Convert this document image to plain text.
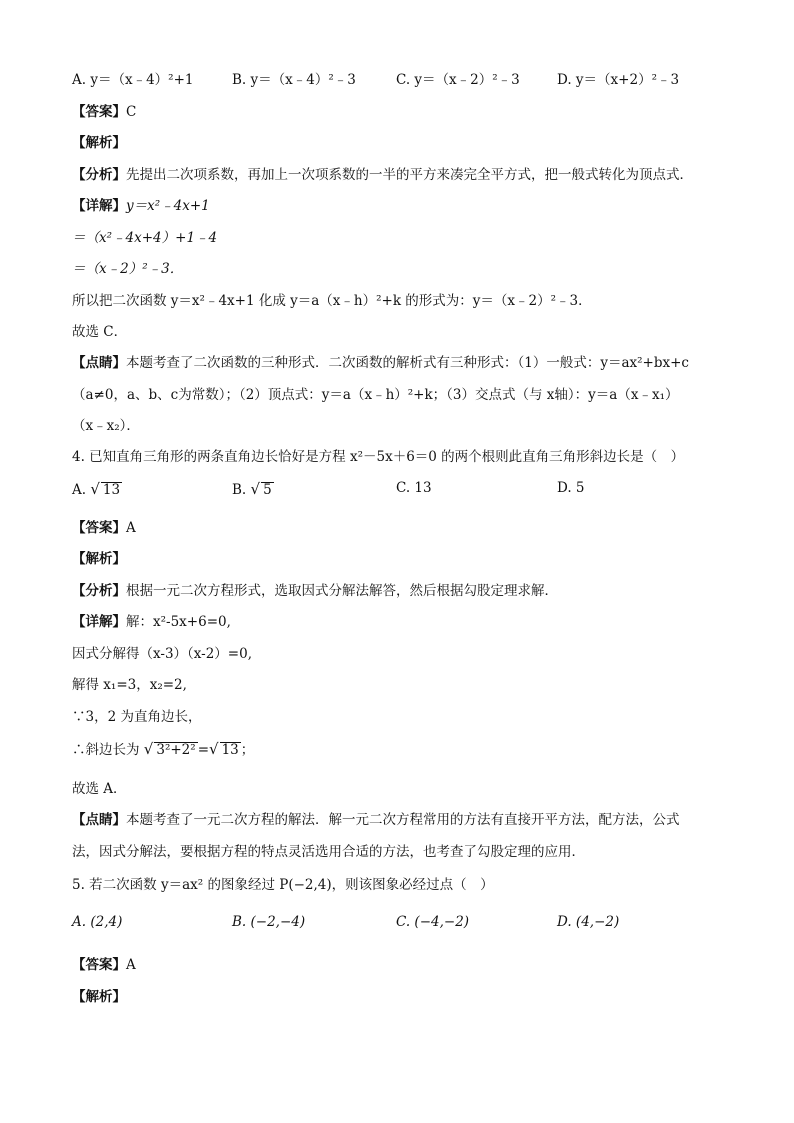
A. y＝（x﹣4）²+1	B. y＝（x﹣4）²﹣3	C. y＝（x﹣2）²﹣3	D. y＝（x+2）²﹣3
【答案】C
【解析】
【分析】先提出二次项系数，再加上一次项系数的一半的平方来凑完全平方式，把一般式转化为顶点式．
【详解】y＝x²﹣4x+1
＝（x²﹣4x+4）+1﹣4
＝（x﹣2）²﹣3．
所以把二次函数 y＝x²﹣4x+1 化成 y＝a（x﹣h）²+k 的形式为：y＝（x﹣2）²﹣3．
故选 C．
【点睛】本题考查了二次函数的三种形式．二次函数的解析式有三种形式：（1）一般式：y＝ax²+bx+c
（a≠0，a、b、c为常数）；（2）顶点式：y＝a（x﹣h）²+k；（3）交点式（与 x轴）：y＝a（x﹣x₁）
（x﹣x₂）．
4. 已知直角三角形的两条直角边长恰好是方程 x²－5x＋6＝0 的两个根则此直角三角形斜边长是（　）
A. √ 13	B. √ 5	C. 13	D. 5
【答案】A
【解析】
【分析】根据一元二次方程形式，选取因式分解法解答，然后根据勾股定理求解．
【详解】解：x²-5x+6=0,
因式分解得（x-3）（x-2）=0,
解得 x₁=3，x₂=2,
∵3，2 为直角边长，
∴斜边长为 √ 3²+2² =√ 13 ；
故选 A．
【点睛】本题考查了一元二次方程的解法．解一元二次方程常用的方法有直接开平方法，配方法，公式
法，因式分解法，要根据方程的特点灵活选用合适的方法，也考查了勾股定理的应用．
5. 若二次函数 y＝ax² 的图象经过 P(−2,4)，则该图象必经过点（　）
A. (2,4)	B. (−2,−4)	C. (−4,−2)	D. (4,−2)
【答案】A
【解析】
